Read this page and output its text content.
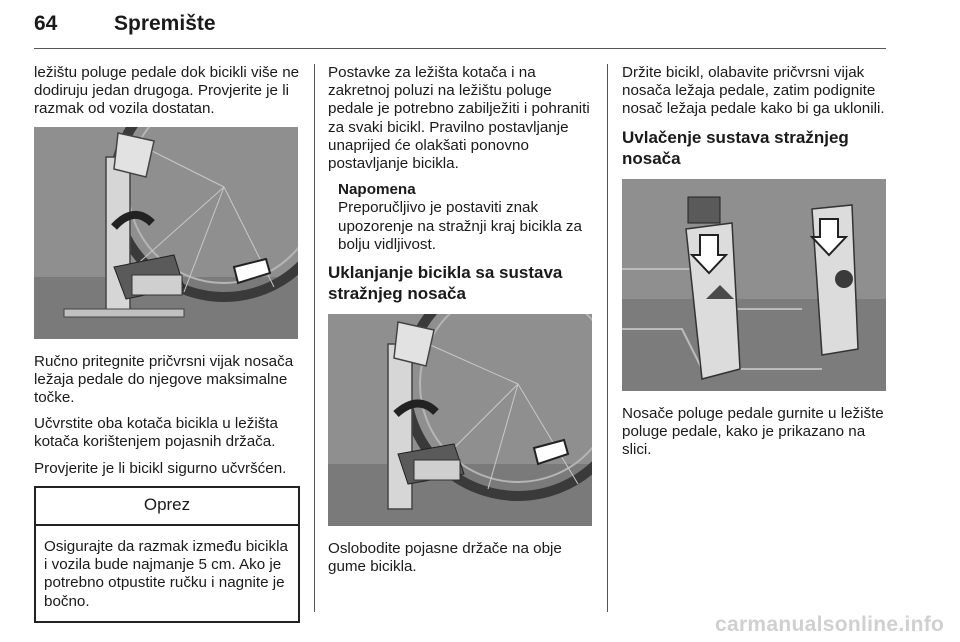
64	Spremište

ležištu poluge pedale dok bicikli više ne dodiruju jedan drugoga. Provjerite je li razmak od vozila dostatan.

Ručno pritegnite pričvrsni vijak nosača ležaja pedale do njegove maksimalne točke.

Učvrstite oba kotača bicikla u ležišta kotača korištenjem pojasnih držača.

Provjerite je li bicikl sigurno učvršćen.

Oprez
Osigurajte da razmak između bicikla i vozila bude najmanje 5 cm. Ako je potrebno otpustite ručku i nagnite je bočno.

Postavke za ležišta kotača i na zakretnoj poluzi na ležištu poluge pedale je potrebno zabilježiti i pohraniti za svaki bicikl. Pravilno postavljanje unaprijed će olakšati ponovno postavljanje bicikla.

Napomena
Preporučljivo je postaviti znak upozorenje na stražnji kraj bicikla za bolju vidljivost.
Uklanjanje bicikla sa sustava stražnjeg nosača

Oslobodite pojasne držače na obje gume bicikla.

Držite bicikl, olabavite pričvrsni vijak nosača ležaja pedale, zatim podignite nosač ležaja pedale kako bi ga uklonili.

Uvlačenje sustava stražnjeg nosača

Nosače poluge pedale gurnite u ležište poluge pedale, kako je prikazano na slici.

carmanualsonline.info
